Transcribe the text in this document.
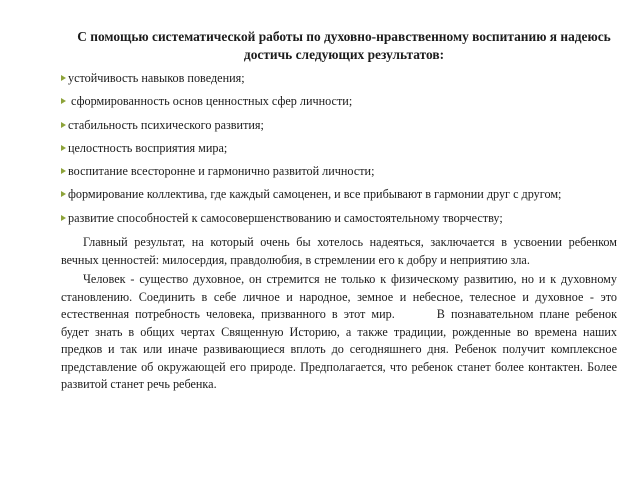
С помощью систематической работы по духовно-нравственному воспитанию я надеюсь достичь следующих результатов:
устойчивость навыков поведения;
сформированность основ ценностных сфер личности;
стабильность психического развития;
целостность восприятия мира;
воспитание всесторонне и гармонично развитой личности;
формирование коллектива, где каждый самоценен, и все прибывают в гармонии друг с другом;
развитие способностей к самосовершенствованию и самостоятельному творчеству;

Главный результат, на который очень бы хотелось надеяться, заключается в усвоении ребенком вечных ценностей: милосердия, правдолюбия, в стремлении его к добру и неприятию зла.

Человек - существо духовное, он стремится не только к физическому развитию, но и к духовному становлению. Соединить в себе личное и народное, земное и небесное, телесное и духовное - это естественная потребность человека, призванного в этот мир.	В познавательном плане ребенок будет знать в общих чертах Священную Историю, а также традиции, рожденные во времена наших предков и так или иначе развивающиеся вплоть до сегодняшнего дня. Ребенок получит комплексное представление об окружающей его природе. Предполагается, что ребенок станет более контактен. Более развитой станет речь ребенка.
